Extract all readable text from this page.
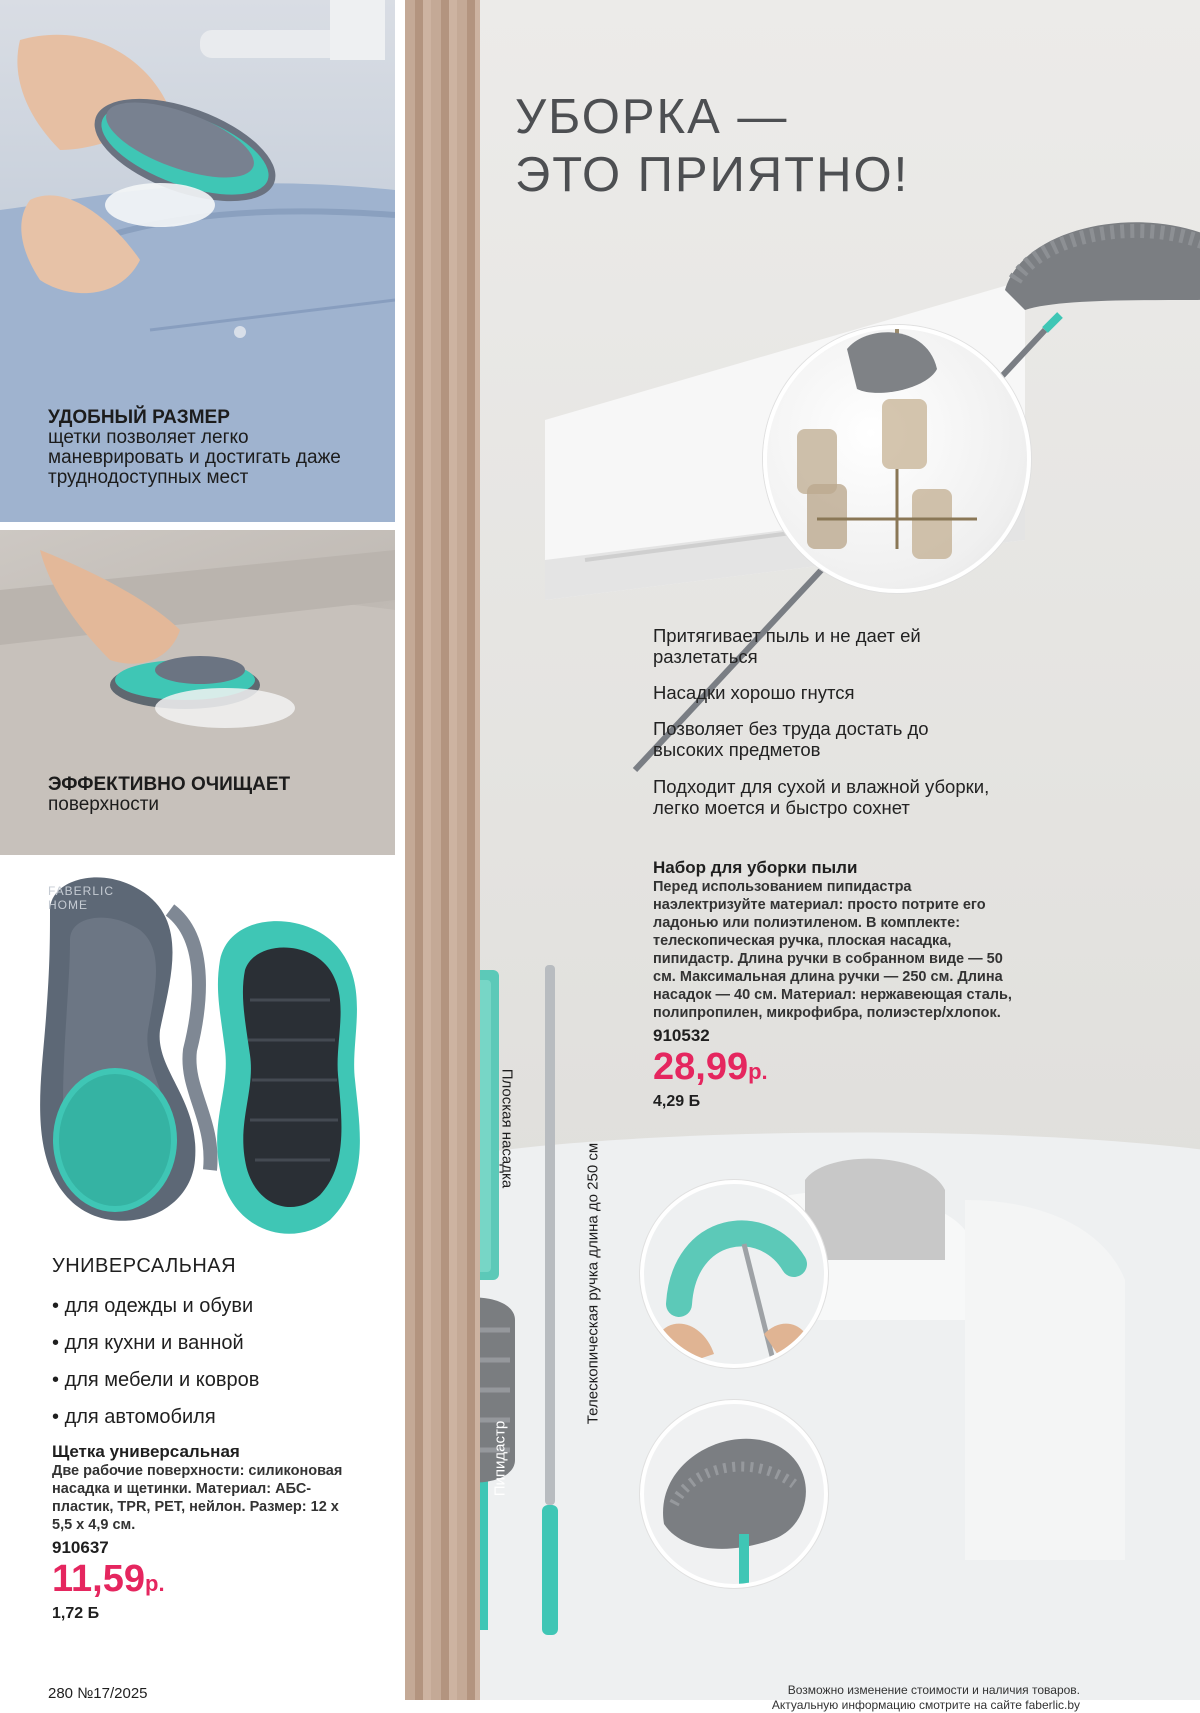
УДОБНЫЙ РАЗМЕР
щетки позволяет легко маневрировать и достигать даже труднодоступных мест
ЭФФЕКТИВНО ОЧИЩАЕТ
поверхности
FABERLIC
HOME
УНИВЕРСАЛЬНАЯ
• для одежды и обуви
• для кухни и ванной
• для мебели и ковров
• для автомобиля
Щетка универсальная
Две рабочие поверхности: силиконовая насадка и щетинки. Материал: АБС-пластик, TPR, PET, нейлон. Размер: 12 х 5,5 х 4,9 см.
910637
11,59р.
1,72 Б
280 №17/2025
УБОРКА —
ЭТО ПРИЯТНО!
Притягивает пыль и не дает ей разлетаться
Насадки хорошо гнутся
Позволяет без труда достать до высоких предметов
Подходит для сухой и влажной уборки, легко моется и быстро сохнет
Набор для уборки пыли
Перед использованием пипидастра наэлектризуйте материал: просто потрите его ладонью или полиэтиленом. В комплекте: телескопическая ручка, плоская насадка, пипидастр. Длина ручки в собранном виде — 50 см. Максимальная длина ручки — 250 см. Длина насадок — 40 см. Материал: нержавеющая сталь, полипропилен, микрофибра, полиэстер/хлопок.
910532
28,99р.
4,29 Б
Плоская насадка
Телескопическая ручка длина до 250 см
Пипидастр
Возможно изменение стоимости и наличия товаров.
Актуальную информацию смотрите на сайте faberlic.by
